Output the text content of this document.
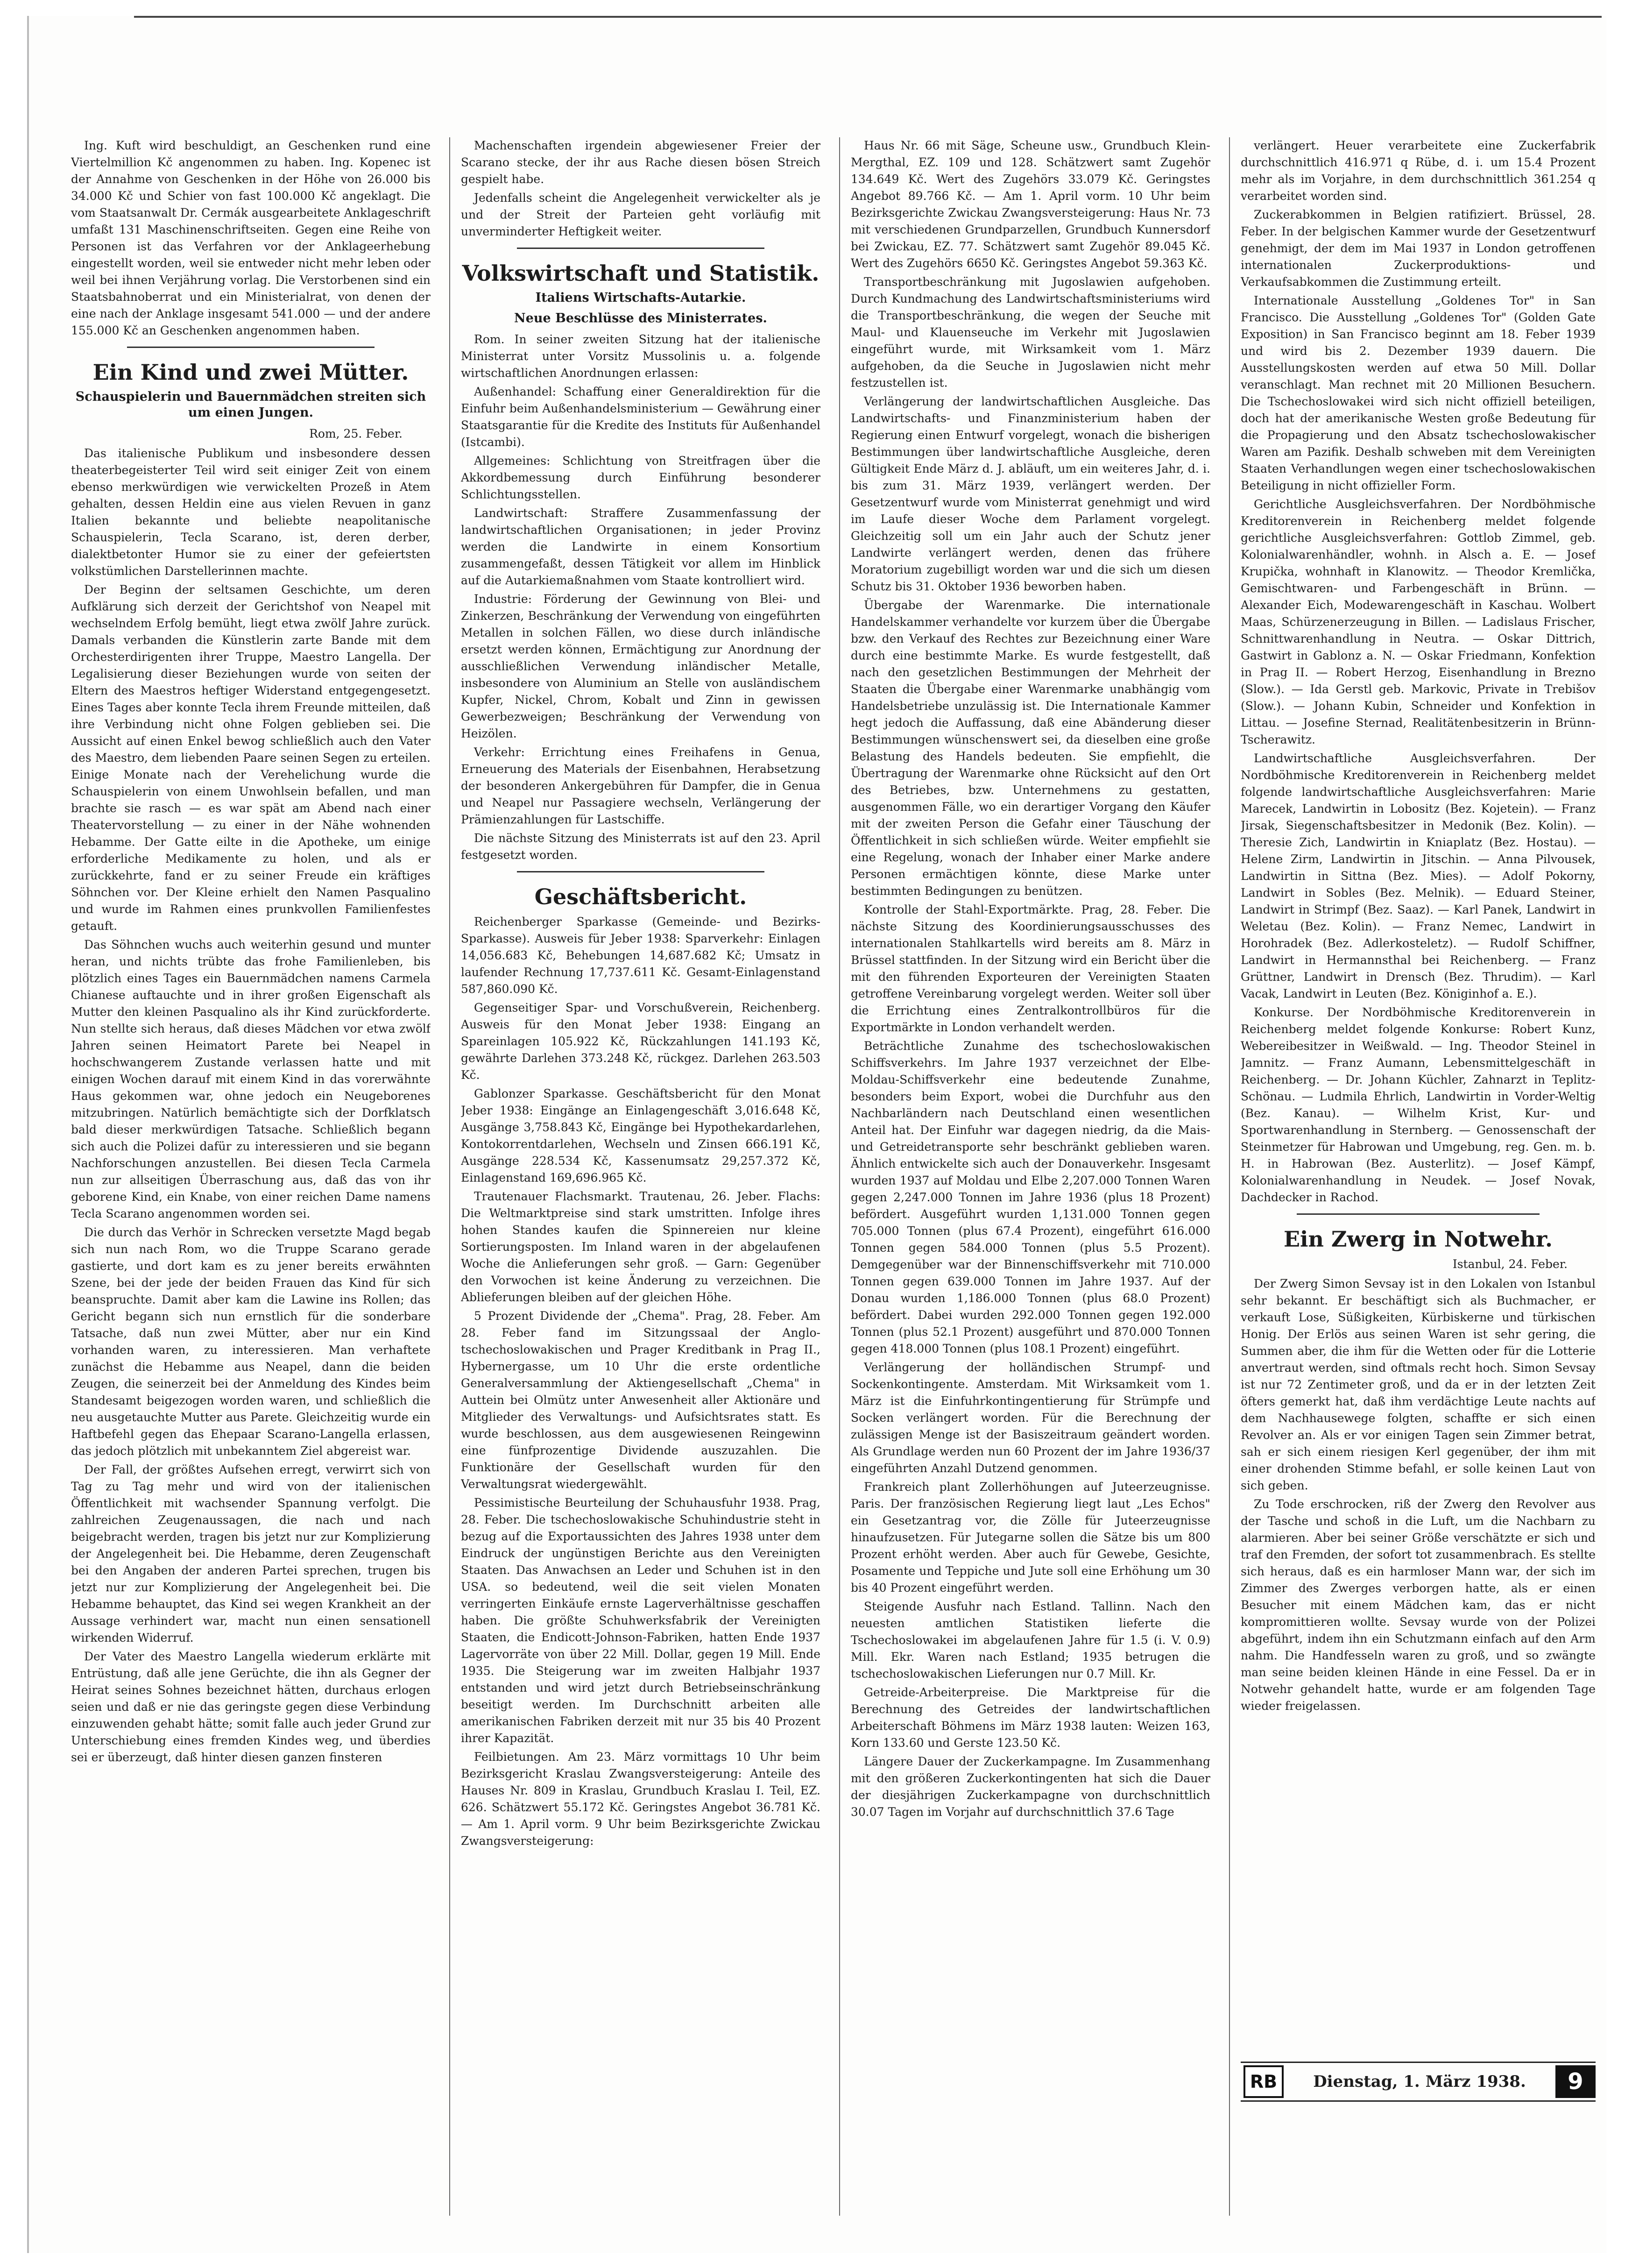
Ing. Kuft wird beschuldigt, an Geschenken rund eine Viertelmillion Kč angenommen zu haben. Ing. Kopenec ist der Annahme von Geschenken in der Höhe von 26.000 bis 34.000 Kč und Schier von fast 100.000 Kč angeklagt. Die vom Staatsanwalt Dr. Cermák ausgearbeitete Anklageschrift umfaßt 131 Maschinenschriftseiten. Gegen eine Reihe von Personen ist das Verfahren vor der Anklageerhebung eingestellt worden, weil sie entweder nicht mehr leben oder weil bei ihnen Verjährung vorlag. Die Verstorbenen sind ein Staatsbahnoberrat und ein Ministerialrat, von denen der eine nach der Anklage insgesamt 541.000 — und der andere 155.000 Kč an Geschenken angenommen haben.

Ein Kind und zwei Mütter.
Schauspielerin und Bauernmädchen streiten sich um einen Jungen.

Rom, 25. Feber.

Das italienische Publikum und insbesondere dessen theaterbegeisterter Teil wird seit einiger Zeit von einem ebenso merkwürdigen wie verwickelten Prozeß in Atem gehalten, dessen Heldin eine aus vielen Revuen in ganz Italien bekannte und beliebte neapolitanische Schauspielerin, Tecla Scarano, ist, deren derber, dialektbetonter Humor sie zu einer der gefeiertsten volkstümlichen Darstellerinnen machte.

Der Beginn der seltsamen Geschichte, um deren Aufklärung sich derzeit der Gerichtshof von Neapel mit wechselndem Erfolg bemüht, liegt etwa zwölf Jahre zurück. Damals verbanden die Künstlerin zarte Bande mit dem Orchesterdirigenten ihrer Truppe, Maestro Langella. Der Legalisierung dieser Beziehungen wurde von seiten der Eltern des Maestros heftiger Widerstand entgegengesetzt. Eines Tages aber konnte Tecla ihrem Freunde mitteilen, daß ihre Verbindung nicht ohne Folgen geblieben sei. Die Aussicht auf einen Enkel bewog schließlich auch den Vater des Maestro, dem liebenden Paare seinen Segen zu erteilen. Einige Monate nach der Verehelichung wurde die Schauspielerin von einem Unwohlsein befallen, und man brachte sie rasch — es war spät am Abend nach einer Theatervorstellung — zu einer in der Nähe wohnenden Hebamme. Der Gatte eilte in die Apotheke, um einige erforderliche Medikamente zu holen, und als er zurückkehrte, fand er zu seiner Freude ein kräftiges Söhnchen vor. Der Kleine erhielt den Namen Pasqualino und wurde im Rahmen eines prunkvollen Familienfestes getauft.

Das Söhnchen wuchs auch weiterhin gesund und munter heran, und nichts trübte das frohe Familienleben, bis plötzlich eines Tages ein Bauernmädchen namens Carmela Chianese auftauchte und in ihrer großen Eigenschaft als Mutter den kleinen Pasqualino als ihr Kind zurückforderte. Nun stellte sich heraus, daß dieses Mädchen vor etwa zwölf Jahren seinen Heimatort Parete bei Neapel in hochschwangerem Zustande verlassen hatte und mit einigen Wochen darauf mit einem Kind in das vorerwähnte Haus gekommen war, ohne jedoch ein Neugeborenes mitzubringen. Natürlich bemächtigte sich der Dorfklatsch bald dieser merkwürdigen Tatsache. Schließlich begann sich auch die Polizei dafür zu interessieren und sie begann Nachforschungen anzustellen. Bei diesen Tecla Carmela nun zur allseitigen Überraschung aus, daß das von ihr geborene Kind, ein Knabe, von einer reichen Dame namens Tecla Scarano angenommen worden sei.

Die durch das Verhör in Schrecken versetzte Magd begab sich nun nach Rom, wo die Truppe Scarano gerade gastierte, und dort kam es zu jener bereits erwähnten Szene, bei der jede der beiden Frauen das Kind für sich beanspruchte. Damit aber kam die Lawine ins Rollen; das Gericht begann sich nun ernstlich für die sonderbare Tatsache, daß nun zwei Mütter, aber nur ein Kind vorhanden waren, zu interessieren. Man verhaftete zunächst die Hebamme aus Neapel, dann die beiden Zeugen, die seinerzeit bei der Anmeldung des Kindes beim Standesamt beigezogen worden waren, und schließlich die neu ausgetauchte Mutter aus Parete. Gleichzeitig wurde ein Haftbefehl gegen das Ehepaar Scarano-Langella erlassen, das jedoch plötzlich mit unbekanntem Ziel abgereist war.

Der Fall, der größtes Aufsehen erregt, verwirrt sich von Tag zu Tag mehr und wird von der italienischen Öffentlichkeit mit wachsender Spannung verfolgt. Die zahlreichen Zeugenaussagen, die nach und nach beigebracht werden, tragen bis jetzt nur zur Komplizierung der Angelegenheit bei. Die Hebamme, deren Zeugenschaft bei den Angaben der anderen Partei sprechen, trugen bis jetzt nur zur Komplizierung der Angelegenheit bei. Die Hebamme behauptet, das Kind sei wegen Krankheit an der Aussage verhindert war, macht nun einen sensationell wirkenden Widerruf.

Der Vater des Maestro Langella wiederum erklärte mit Entrüstung, daß alle jene Gerüchte, die ihn als Gegner der Heirat seines Sohnes bezeichnet hätten, durchaus erlogen seien und daß er nie das geringste gegen diese Verbindung einzuwenden gehabt hätte; somit falle auch jeder Grund zur Unterschiebung eines fremden Kindes weg, und überdies sei er überzeugt, daß hinter diesen ganzen finsteren

Machenschaften irgendein abgewiesener Freier der Scarano stecke, der ihr aus Rache diesen bösen Streich gespielt habe.

Jedenfalls scheint die Angelegenheit verwickelter als je und der Streit der Parteien geht vorläufig mit unverminderter Heftigkeit weiter.

Volkswirtschaft und Statistik.
Italiens Wirtschafts-Autarkie.
Neue Beschlüsse des Ministerrates.

Rom. In seiner zweiten Sitzung hat der italienische Ministerrat unter Vorsitz Mussolinis u. a. folgende wirtschaftlichen Anordnungen erlassen:

Außenhandel: Schaffung einer Generaldirektion für die Einfuhr beim Außenhandelsministerium — Gewährung einer Staatsgarantie für die Kredite des Instituts für Außenhandel (Istcambi).

Allgemeines: Schlichtung von Streitfragen über die Akkordbemessung durch Einführung besonderer Schlichtungsstellen.

Landwirtschaft: Straffere Zusammenfassung der landwirtschaftlichen Organisationen; in jeder Provinz werden die Landwirte in einem Konsortium zusammengefaßt, dessen Tätigkeit vor allem im Hinblick auf die Autarkiemaßnahmen vom Staate kontrolliert wird.

Industrie: Förderung der Gewinnung von Blei- und Zinkerzen, Beschränkung der Verwendung von eingeführten Metallen in solchen Fällen, wo diese durch inländische ersetzt werden können, Ermächtigung zur Anordnung der ausschließlichen Verwendung inländischer Metalle, insbesondere von Aluminium an Stelle von ausländischem Kupfer, Nickel, Chrom, Kobalt und Zinn in gewissen Gewerbezweigen; Beschränkung der Verwendung von Heizölen.

Verkehr: Errichtung eines Freihafens in Genua, Erneuerung des Materials der Eisenbahnen, Herabsetzung der besonderen Ankergebühren für Dampfer, die in Genua und Neapel nur Passagiere wechseln, Verlängerung der Prämienzahlungen für Lastschiffe.

Die nächste Sitzung des Ministerrats ist auf den 23. April festgesetzt worden.

Geschäftsbericht.

Reichenberger Sparkasse (Gemeinde- und Bezirks-Sparkasse). Ausweis für Jeber 1938: Sparverkehr: Einlagen 14,056.683 Kč, Behebungen 14,687.682 Kč; Umsatz in laufender Rechnung 17,737.611 Kč. Gesamt-Einlagenstand 587,860.090 Kč.

Gegenseitiger Spar- und Vorschußverein, Reichenberg. Ausweis für den Monat Jeber 1938: Eingang an Spareinlagen 105.922 Kč, Rückzahlungen 141.193 Kč, gewährte Darlehen 373.248 Kč, rückgez. Darlehen 263.503 Kč.

Gablonzer Sparkasse. Geschäftsbericht für den Monat Jeber 1938: Eingänge an Einlagengeschäft 3,016.648 Kč, Ausgänge 3,758.843 Kč, Eingänge bei Hypothekardarlehen, Kontokorrentdarlehen, Wechseln und Zinsen 666.191 Kč, Ausgänge 228.534 Kč, Kassenumsatz 29,257.372 Kč, Einlagenstand 169,696.965 Kč.

Trautenauer Flachsmarkt. Trautenau, 26. Jeber. Flachs: Die Weltmarktpreise sind stark umstritten. Infolge ihres hohen Standes kaufen die Spinnereien nur kleine Sortierungsposten. Im Inland waren in der abgelaufenen Woche die Anlieferungen sehr groß. — Garn: Gegenüber den Vorwochen ist keine Änderung zu verzeichnen. Die Ablieferungen bleiben auf der gleichen Höhe.

5 Prozent Dividende der „Chema". Prag, 28. Feber. Am 28. Feber fand im Sitzungssaal der Anglo-tschechoslowakischen und Prager Kreditbank in Prag II., Hybernergasse, um 10 Uhr die erste ordentliche Generalversammlung der Aktiengesellschaft „Chema" in Auttein bei Olmütz unter Anwesenheit aller Aktionäre und Mitglieder des Verwaltungs- und Aufsichtsrates statt. Es wurde beschlossen, aus dem ausgewiesenen Reingewinn eine fünfprozentige Dividende auszuzahlen. Die Funktionäre der Gesellschaft wurden für den Verwaltungsrat wiedergewählt.

Pessimistische Beurteilung der Schuhausfuhr 1938. Prag, 28. Feber. Die tschechoslowakische Schuhindustrie steht in bezug auf die Exportaussichten des Jahres 1938 unter dem Eindruck der ungünstigen Berichte aus den Vereinigten Staaten. Das Anwachsen an Leder und Schuhen ist in den USA. so bedeutend, weil die seit vielen Monaten verringerten Einkäufe ernste Lagerverhältnisse geschaffen haben. Die größte Schuhwerksfabrik der Vereinigten Staaten, die Endicott-Johnson-Fabriken, hatten Ende 1937 Lagervorräte von über 22 Mill. Dollar, gegen 19 Mill. Ende 1935. Die Steigerung war im zweiten Halbjahr 1937 entstanden und wird jetzt durch Betriebseinschränkung beseitigt werden. Im Durchschnitt arbeiten alle amerikanischen Fabriken derzeit mit nur 35 bis 40 Prozent ihrer Kapazität.

Feilbietungen. Am 23. März vormittags 10 Uhr beim Bezirksgericht Kraslau Zwangsversteigerung: Anteile des Hauses Nr. 809 in Kraslau, Grundbuch Kraslau I. Teil, EZ. 626. Schätzwert 55.172 Kč. Geringstes Angebot 36.781 Kč. — Am 1. April vorm. 9 Uhr beim Bezirksgerichte Zwickau Zwangsversteigerung:

Haus Nr. 66 mit Säge, Scheune usw., Grundbuch Klein-Mergthal, EZ. 109 und 128. Schätzwert samt Zugehör 134.649 Kč. Wert des Zugehörs 33.079 Kč. Geringstes Angebot 89.766 Kč. — Am 1. April vorm. 10 Uhr beim Bezirksgerichte Zwickau Zwangsversteigerung: Haus Nr. 73 mit verschiedenen Grundparzellen, Grundbuch Kunnersdorf bei Zwickau, EZ. 77. Schätzwert samt Zugehör 89.045 Kč. Wert des Zugehörs 6650 Kč. Geringstes Angebot 59.363 Kč.

Transportbeschränkung mit Jugoslawien aufgehoben. Durch Kundmachung des Landwirtschaftsministeriums wird die Transportbeschränkung, die wegen der Seuche mit Maul- und Klauenseuche im Verkehr mit Jugoslawien eingeführt wurde, mit Wirksamkeit vom 1. März aufgehoben, da die Seuche in Jugoslawien nicht mehr festzustellen ist.

Verlängerung der landwirtschaftlichen Ausgleiche. Das Landwirtschafts- und Finanzministerium haben der Regierung einen Entwurf vorgelegt, wonach die bisherigen Bestimmungen über landwirtschaftliche Ausgleiche, deren Gültigkeit Ende März d. J. abläuft, um ein weiteres Jahr, d. i. bis zum 31. März 1939, verlängert werden. Der Gesetzentwurf wurde vom Ministerrat genehmigt und wird im Laufe dieser Woche dem Parlament vorgelegt. Gleichzeitig soll um ein Jahr auch der Schutz jener Landwirte verlängert werden, denen das frühere Moratorium zugebilligt worden war und die sich um diesen Schutz bis 31. Oktober 1936 beworben haben.

Übergabe der Warenmarke. Die internationale Handelskammer verhandelte vor kurzem über die Übergabe bzw. den Verkauf des Rechtes zur Bezeichnung einer Ware durch eine bestimmte Marke. Es wurde festgestellt, daß nach den gesetzlichen Bestimmungen der Mehrheit der Staaten die Übergabe einer Warenmarke unabhängig vom Handelsbetriebe unzulässig ist. Die Internationale Kammer hegt jedoch die Auffassung, daß eine Abänderung dieser Bestimmungen wünschenswert sei, da dieselben eine große Belastung des Handels bedeuten. Sie empfiehlt, die Übertragung der Warenmarke ohne Rücksicht auf den Ort des Betriebes, bzw. Unternehmens zu gestatten, ausgenommen Fälle, wo ein derartiger Vorgang den Käufer mit der zweiten Person die Gefahr einer Täuschung der Öffentlichkeit in sich schließen würde. Weiter empfiehlt sie eine Regelung, wonach der Inhaber einer Marke andere Personen ermächtigen könnte, diese Marke unter bestimmten Bedingungen zu benützen.

Kontrolle der Stahl-Exportmärkte. Prag, 28. Feber. Die nächste Sitzung des Koordinierungsausschusses des internationalen Stahlkartells wird bereits am 8. März in Brüssel stattfinden. In der Sitzung wird ein Bericht über die mit den führenden Exporteuren der Vereinigten Staaten getroffene Vereinbarung vorgelegt werden. Weiter soll über die Errichtung eines Zentralkontrollbüros für die Exportmärkte in London verhandelt werden.

Beträchtliche Zunahme des tschechoslowakischen Schiffsverkehrs. Im Jahre 1937 verzeichnet der Elbe-Moldau-Schiffsverkehr eine bedeutende Zunahme, besonders beim Export, wobei die Durchfuhr aus den Nachbarländern nach Deutschland einen wesentlichen Anteil hat. Der Einfuhr war dagegen niedrig, da die Mais- und Getreidetransporte sehr beschränkt geblieben waren. Ähnlich entwickelte sich auch der Donauverkehr. Insgesamt wurden 1937 auf Moldau und Elbe 2,207.000 Tonnen Waren gegen 2,247.000 Tonnen im Jahre 1936 (plus 18 Prozent) befördert. Ausgeführt wurden 1,131.000 Tonnen gegen 705.000 Tonnen (plus 67.4 Prozent), eingeführt 616.000 Tonnen gegen 584.000 Tonnen (plus 5.5 Prozent). Demgegenüber war der Binnenschiffsverkehr mit 710.000 Tonnen gegen 639.000 Tonnen im Jahre 1937. Auf der Donau wurden 1,186.000 Tonnen (plus 68.0 Prozent) befördert. Dabei wurden 292.000 Tonnen gegen 192.000 Tonnen (plus 52.1 Prozent) ausgeführt und 870.000 Tonnen gegen 418.000 Tonnen (plus 108.1 Prozent) eingeführt.

Verlängerung der holländischen Strumpf- und Sockenkontingente. Amsterdam. Mit Wirksamkeit vom 1. März ist die Einfuhrkontingentierung für Strümpfe und Socken verlängert worden. Für die Berechnung der zulässigen Menge ist der Basiszeitraum geändert worden. Als Grundlage werden nun 60 Prozent der im Jahre 1936/37 eingeführten Anzahl Dutzend genommen.

Frankreich plant Zollerhöhungen auf Juteerzeugnisse. Paris. Der französischen Regierung liegt laut „Les Echos" ein Gesetzantrag vor, die Zölle für Juteerzeugnisse hinaufzusetzen. Für Jutegarne sollen die Sätze bis um 800 Prozent erhöht werden. Aber auch für Gewebe, Gesichte, Posamente und Teppiche und Jute soll eine Erhöhung um 30 bis 40 Prozent eingeführt werden.

Steigende Ausfuhr nach Estland. Tallinn. Nach den neuesten amtlichen Statistiken lieferte die Tschechoslowakei im abgelaufenen Jahre für 1.5 (i. V. 0.9) Mill. Ekr. Waren nach Estland; 1935 betrugen die tschechoslowakischen Lieferungen nur 0.7 Mill. Kr.

Getreide-Arbeiterpreise. Die Marktpreise für die Berechnung des Getreides der landwirtschaftlichen Arbeiterschaft Böhmens im März 1938 lauten: Weizen 163, Korn 133.60 und Gerste 123.50 Kč.

Längere Dauer der Zuckerkampagne. Im Zusammenhang mit den größeren Zuckerkontingenten hat sich die Dauer der diesjährigen Zuckerkampagne von durchschnittlich 30.07 Tagen im Vorjahr auf durchschnittlich 37.6 Tage

verlängert. Heuer verarbeitete eine Zuckerfabrik durchschnittlich 416.971 q Rübe, d. i. um 15.4 Prozent mehr als im Vorjahre, in dem durchschnittlich 361.254 q verarbeitet worden sind.

Zuckerabkommen in Belgien ratifiziert. Brüssel, 28. Feber. In der belgischen Kammer wurde der Gesetzentwurf genehmigt, der dem im Mai 1937 in London getroffenen internationalen Zuckerproduktions- und Verkaufsabkommen die Zustimmung erteilt.

Internationale Ausstellung „Goldenes Tor" in San Francisco. Die Ausstellung „Goldenes Tor" (Golden Gate Exposition) in San Francisco beginnt am 18. Feber 1939 und wird bis 2. Dezember 1939 dauern. Die Ausstellungskosten werden auf etwa 50 Mill. Dollar veranschlagt. Man rechnet mit 20 Millionen Besuchern. Die Tschechoslowakei wird sich nicht offiziell beteiligen, doch hat der amerikanische Westen große Bedeutung für die Propagierung und den Absatz tschechoslowakischer Waren am Pazifik. Deshalb schweben mit dem Vereinigten Staaten Verhandlungen wegen einer tschechoslowakischen Beteiligung in nicht offizieller Form.

Gerichtliche Ausgleichsverfahren. Der Nordböhmische Kreditorenverein in Reichenberg meldet folgende gerichtliche Ausgleichsverfahren: Gottlob Zimmel, geb. Kolonialwarenhändler, wohnh. in Alsch a. E. — Josef Krupička, wohnhaft in Klanowitz. — Theodor Kremlička, Gemischtwaren- und Farbengeschäft in Brünn. — Alexander Eich, Modewarengeschäft in Kaschau. Wolbert Maas, Schürzenerzeugung in Billen. — Ladislaus Frischer, Schnittwarenhandlung in Neutra. — Oskar Dittrich, Gastwirt in Gablonz a. N. — Oskar Friedmann, Konfektion in Prag II. — Robert Herzog, Eisenhandlung in Brezno (Slow.). — Ida Gerstl geb. Markovic, Private in Trebišov (Slow.). — Johann Kubin, Schneider und Konfektion in Littau. — Josefine Sternad, Realitätenbesitzerin in Brünn-Tscherawitz.

Landwirtschaftliche Ausgleichsverfahren. Der Nordböhmische Kreditorenverein in Reichenberg meldet folgende landwirtschaftliche Ausgleichsverfahren: Marie Marecek, Landwirtin in Lobositz (Bez. Kojetein). — Franz Jirsak, Siegenschaftsbesitzer in Medonik (Bez. Kolin). — Theresie Zich, Landwirtin in Kniaplatz (Bez. Hostau). — Helene Zirm, Landwirtin in Jitschin. — Anna Pilvousek, Landwirtin in Sittna (Bez. Mies). — Adolf Pokorny, Landwirt in Sobles (Bez. Melnik). — Eduard Steiner, Landwirt in Strimpf (Bez. Saaz). — Karl Panek, Landwirt in Weletau (Bez. Kolin). — Franz Nemec, Landwirt in Horohradek (Bez. Adlerkosteletz). — Rudolf Schiffner, Landwirt in Hermannsthal bei Reichenberg. — Franz Grüttner, Landwirt in Drensch (Bez. Thrudim). — Karl Vacak, Landwirt in Leuten (Bez. Königinhof a. E.).

Konkurse. Der Nordböhmische Kreditorenverein in Reichenberg meldet folgende Konkurse: Robert Kunz, Webereibesitzer in Weißwald. — Ing. Theodor Steinel in Jamnitz. — Franz Aumann, Lebensmittelgeschäft in Reichenberg. — Dr. Johann Küchler, Zahnarzt in Teplitz-Schönau. — Ludmila Ehrlich, Landwirtin in Vorder-Weltig (Bez. Kanau). — Wilhelm Krist, Kur- und Sportwarenhandlung in Sternberg. — Genossenschaft der Steinmetzer für Habrowan und Umgebung, reg. Gen. m. b. H. in Habrowan (Bez. Austerlitz). — Josef Kämpf, Kolonialwarenhandlung in Neudek. — Josef Novak, Dachdecker in Rachod.

Ein Zwerg in Notwehr.

Istanbul, 24. Feber.

Der Zwerg Simon Sevsay ist in den Lokalen von Istanbul sehr bekannt. Er beschäftigt sich als Buchmacher, er verkauft Lose, Süßigkeiten, Kürbiskerne und türkischen Honig. Der Erlös aus seinen Waren ist sehr gering, die Summen aber, die ihm für die Wetten oder für die Lotterie anvertraut werden, sind oftmals recht hoch. Simon Sevsay ist nur 72 Zentimeter groß, und da er in der letzten Zeit öfters gemerkt hat, daß ihm verdächtige Leute nachts auf dem Nachhausewege folgten, schaffte er sich einen Revolver an. Als er vor einigen Tagen sein Zimmer betrat, sah er sich einem riesigen Kerl gegenüber, der ihm mit einer drohenden Stimme befahl, er solle keinen Laut von sich geben.

Zu Tode erschrocken, riß der Zwerg den Revolver aus der Tasche und schoß in die Luft, um die Nachbarn zu alarmieren. Aber bei seiner Größe verschätzte er sich und traf den Fremden, der sofort tot zusammenbrach. Es stellte sich heraus, daß es ein harmloser Mann war, der sich im Zimmer des Zwerges verborgen hatte, als er einen Besucher mit einem Mädchen kam, das er nicht kompromittieren wollte. Sevsay wurde von der Polizei abgeführt, indem ihn ein Schutzmann einfach auf den Arm nahm. Die Handfesseln waren zu groß, und so zwängte man seine beiden kleinen Hände in eine Fessel. Da er in Notwehr gehandelt hatte, wurde er am folgenden Tage wieder freigelassen.

RB	Dienstag, 1. März 1938.	9
